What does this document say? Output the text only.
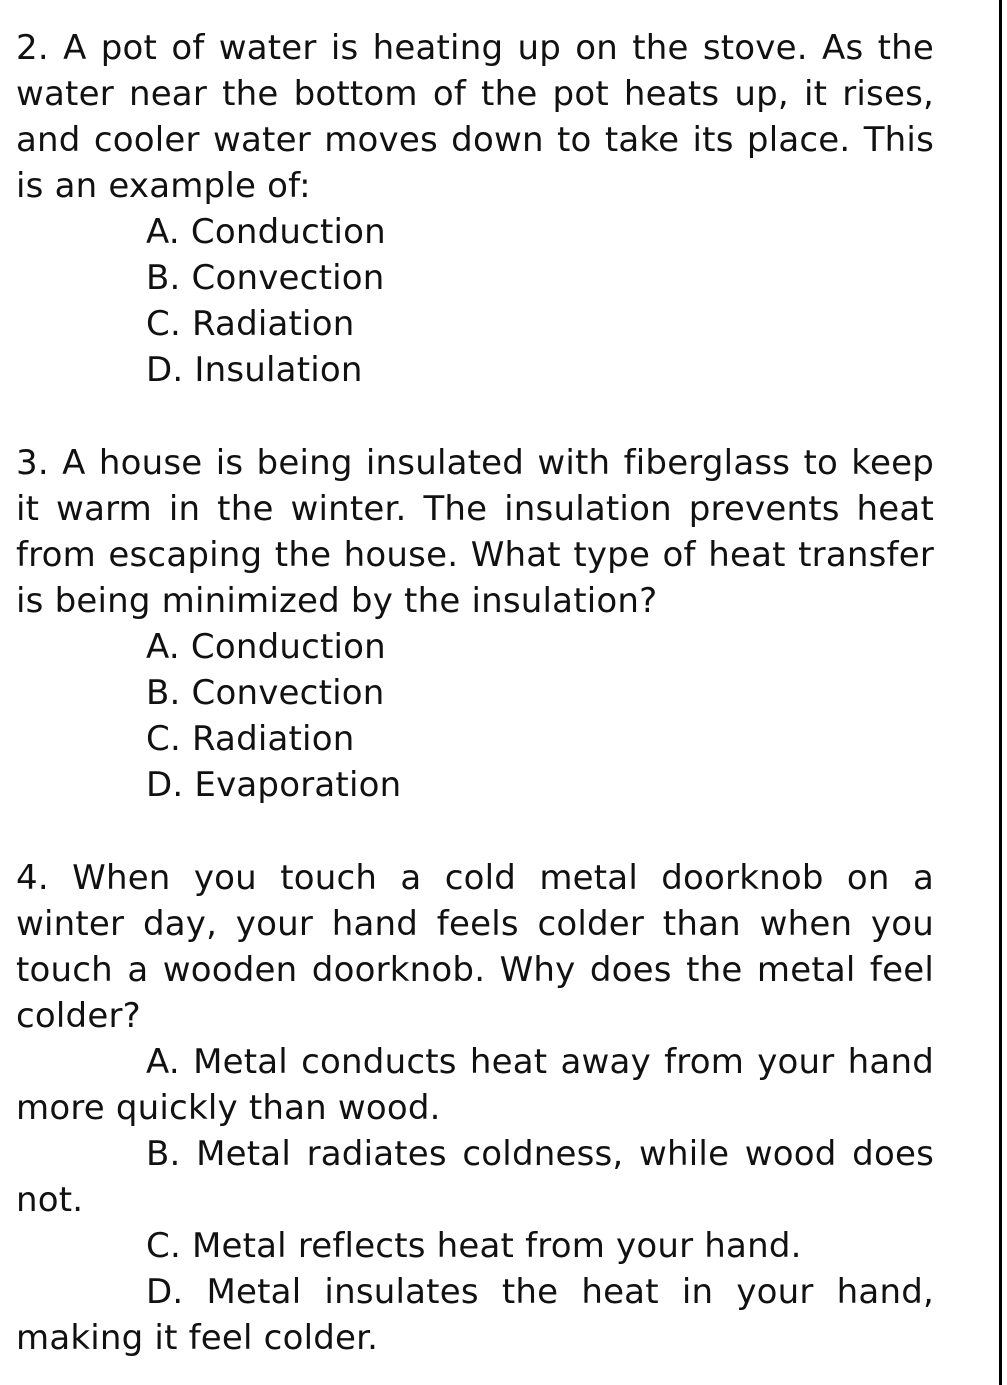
2. A pot of water is heating up on the stove. As the water near the bottom of the pot heats up, it rises, and cooler water moves down to take its place. This is an example of:

A. Conduction

B. Convection

C. Radiation

D. Insulation

3. A house is being insulated with fiberglass to keep it warm in the winter. The insulation prevents heat from escaping the house. What type of heat transfer is being minimized by the insulation?

A. Conduction

B. Convection

C. Radiation

D. Evaporation

4. When you touch a cold metal doorknob on a winter day, your hand feels colder than when you touch a wooden doorknob. Why does the metal feel colder?

A. Metal conducts heat away from your hand more quickly than wood.

B. Metal radiates coldness, while wood does not.

C. Metal reflects heat from your hand.

D. Metal insulates the heat in your hand, making it feel colder.
